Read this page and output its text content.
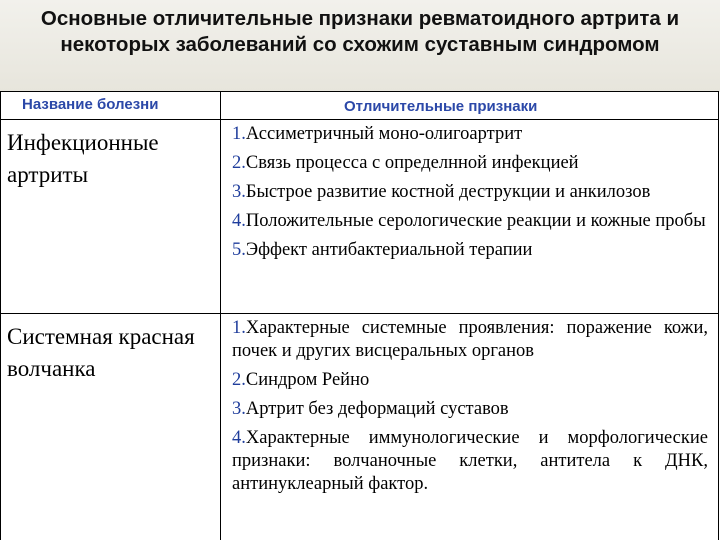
Основные отличительные признаки ревматоидного артрита и некоторых заболеваний со схожим суставным синдромом
Название болезни	Отличительные признаки
Инфекционные артриты
1.Ассиметричный моно-олигоартрит
2.Связь процесса с определнной инфекцией
3.Быстрое развитие костной деструкции и анкилозов
4.Положительные серологические реакции и кожные пробы
5.Эффект антибактериальной терапии
Системная красная волчанка
1.Характерные системные проявления: поражение кожи, почек и других висцеральных органов
2.Синдром Рейно
3.Артрит без деформаций суставов
4.Характерные иммунологические и морфологические признаки: волчаночные клетки, антитела к ДНК, антинуклеарный фактор.
